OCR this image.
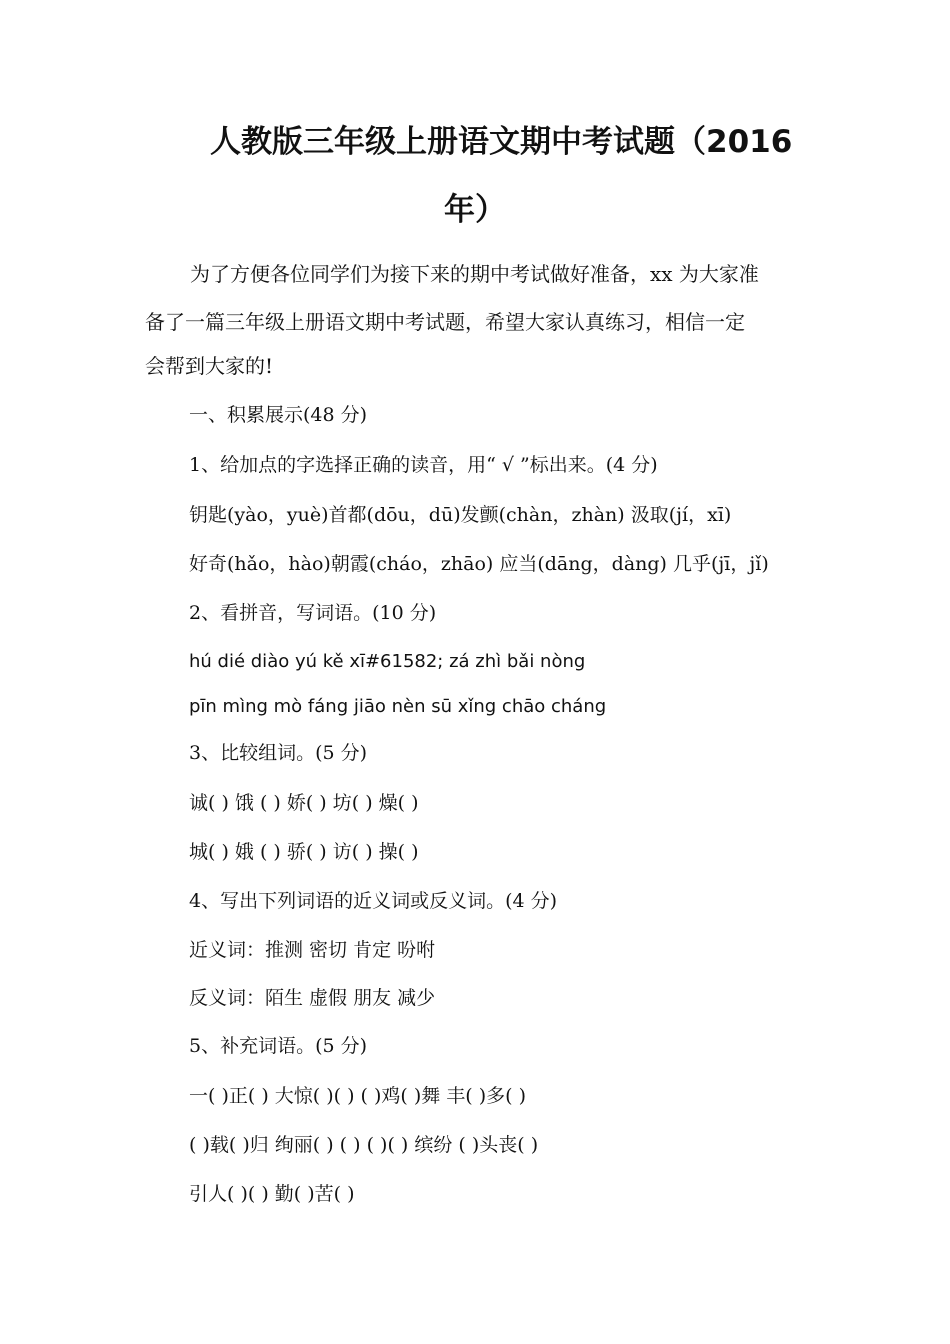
人教版三年级上册语文期中考试题（2016
年）
为了方便各位同学们为接下来的期中考试做好准备，xx 为大家准
备了一篇三年级上册语文期中考试题，希望大家认真练习，相信一定
会帮到大家的!
一、积累展示(48 分)
1、给加点的字选择正确的读音，用“ √ ”标出来。(4 分)
钥匙(yào，yuè)首都(dōu，dū)发颤(chàn，zhàn) 汲取(jí，xī)
好奇(hǎo，hào)朝霞(cháo，zhāo) 应当(dāng，dàng) 几乎(jī，jǐ)
2、看拼音，写词语。(10 分)
hú dié diào yú kě xī#61582; zá zhì bǎi nòng
pīn mìng mò fáng jiāo nèn sū xǐng chāo cháng
3、比较组词。(5 分)
诚( ) 饿 ( ) 娇( ) 坊( ) 燥( )
城( ) 娥 ( ) 骄( ) 访( ) 操( )
4、写出下列词语的近义词或反义词。(4 分)
近义词：推测 密切 肯定 吩咐
反义词：陌生 虚假 朋友 减少
5、补充词语。(5 分)
一( )正( ) 大惊( )( ) ( )鸡( )舞 丰( )多( )
( )载( )归 绚丽( ) ( ) ( )( ) 缤纷 ( )头丧( )
引人( )( ) 勤( )苦( )
